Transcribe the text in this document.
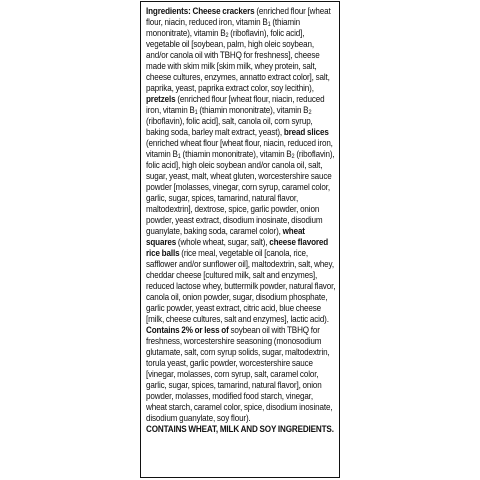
Ingredients: Cheese crackers (enriched flour [wheat flour, niacin, reduced iron, vitamin $B_1$ (thiamin mononitrate), vitamin $B_2$ (riboflavin), folic acid], vegetable oil [soybean, palm, high oleic soybean, and/or canola oil with TBHQ for freshness], cheese made with skim milk [skim milk, whey protein, salt, cheese cultures, enzymes, annatto extract color], salt, paprika, yeast, paprika extract color, soy lecithin), pretzels (enriched flour [wheat flour, niacin, reduced iron, vitamin $B_1$ (thiamin mononitrate), vitamin $B_2$ (riboflavin), folic acid], salt, canola oil, corn syrup, baking soda, barley malt extract, yeast), bread slices (enriched wheat flour [wheat flour, niacin, reduced iron, vitamin $B_1$ (thiamin mononitrate), vitamin $B_2$ (riboflavin), folic acid], high oleic soybean and/or canola oil, salt, sugar, yeast, malt, wheat gluten, worcestershire sauce powder [molasses, vinegar, corn syrup, caramel color, garlic, sugar, spices, tamarind, natural flavor, maltodextrin], dextrose, spice, garlic powder, onion powder, yeast extract, disodium inosinate, disodium guanylate, baking soda, caramel color), wheat squares (whole wheat, sugar, salt), cheese flavored rice balls (rice meal, vegetable oil [canola, rice, safflower and/or sunflower oil], maltodextrin, salt, whey, cheddar cheese [cultured milk, salt and enzymes], reduced lactose whey, buttermilk powder, natural flavor, canola oil, onion powder, sugar, disodium phosphate, garlic powder, yeast extract, citric acid, blue cheese [milk, cheese cultures, salt and enzymes], lactic acid).
Contains 2% or less of soybean oil with TBHQ for freshness, worcestershire seasoning (monosodium glutamate, salt, corn syrup solids, sugar, maltodextrin, torula yeast, garlic powder, worcestershire sauce [vinegar, molasses, corn syrup, salt, caramel color, garlic, sugar, spices, tamarind, natural flavor], onion powder, molasses, modified food starch, vinegar, wheat starch, caramel color, spice, disodium inosinate, disodium guanylate, soy flour).
CONTAINS WHEAT, MILK AND SOY INGREDIENTS.
